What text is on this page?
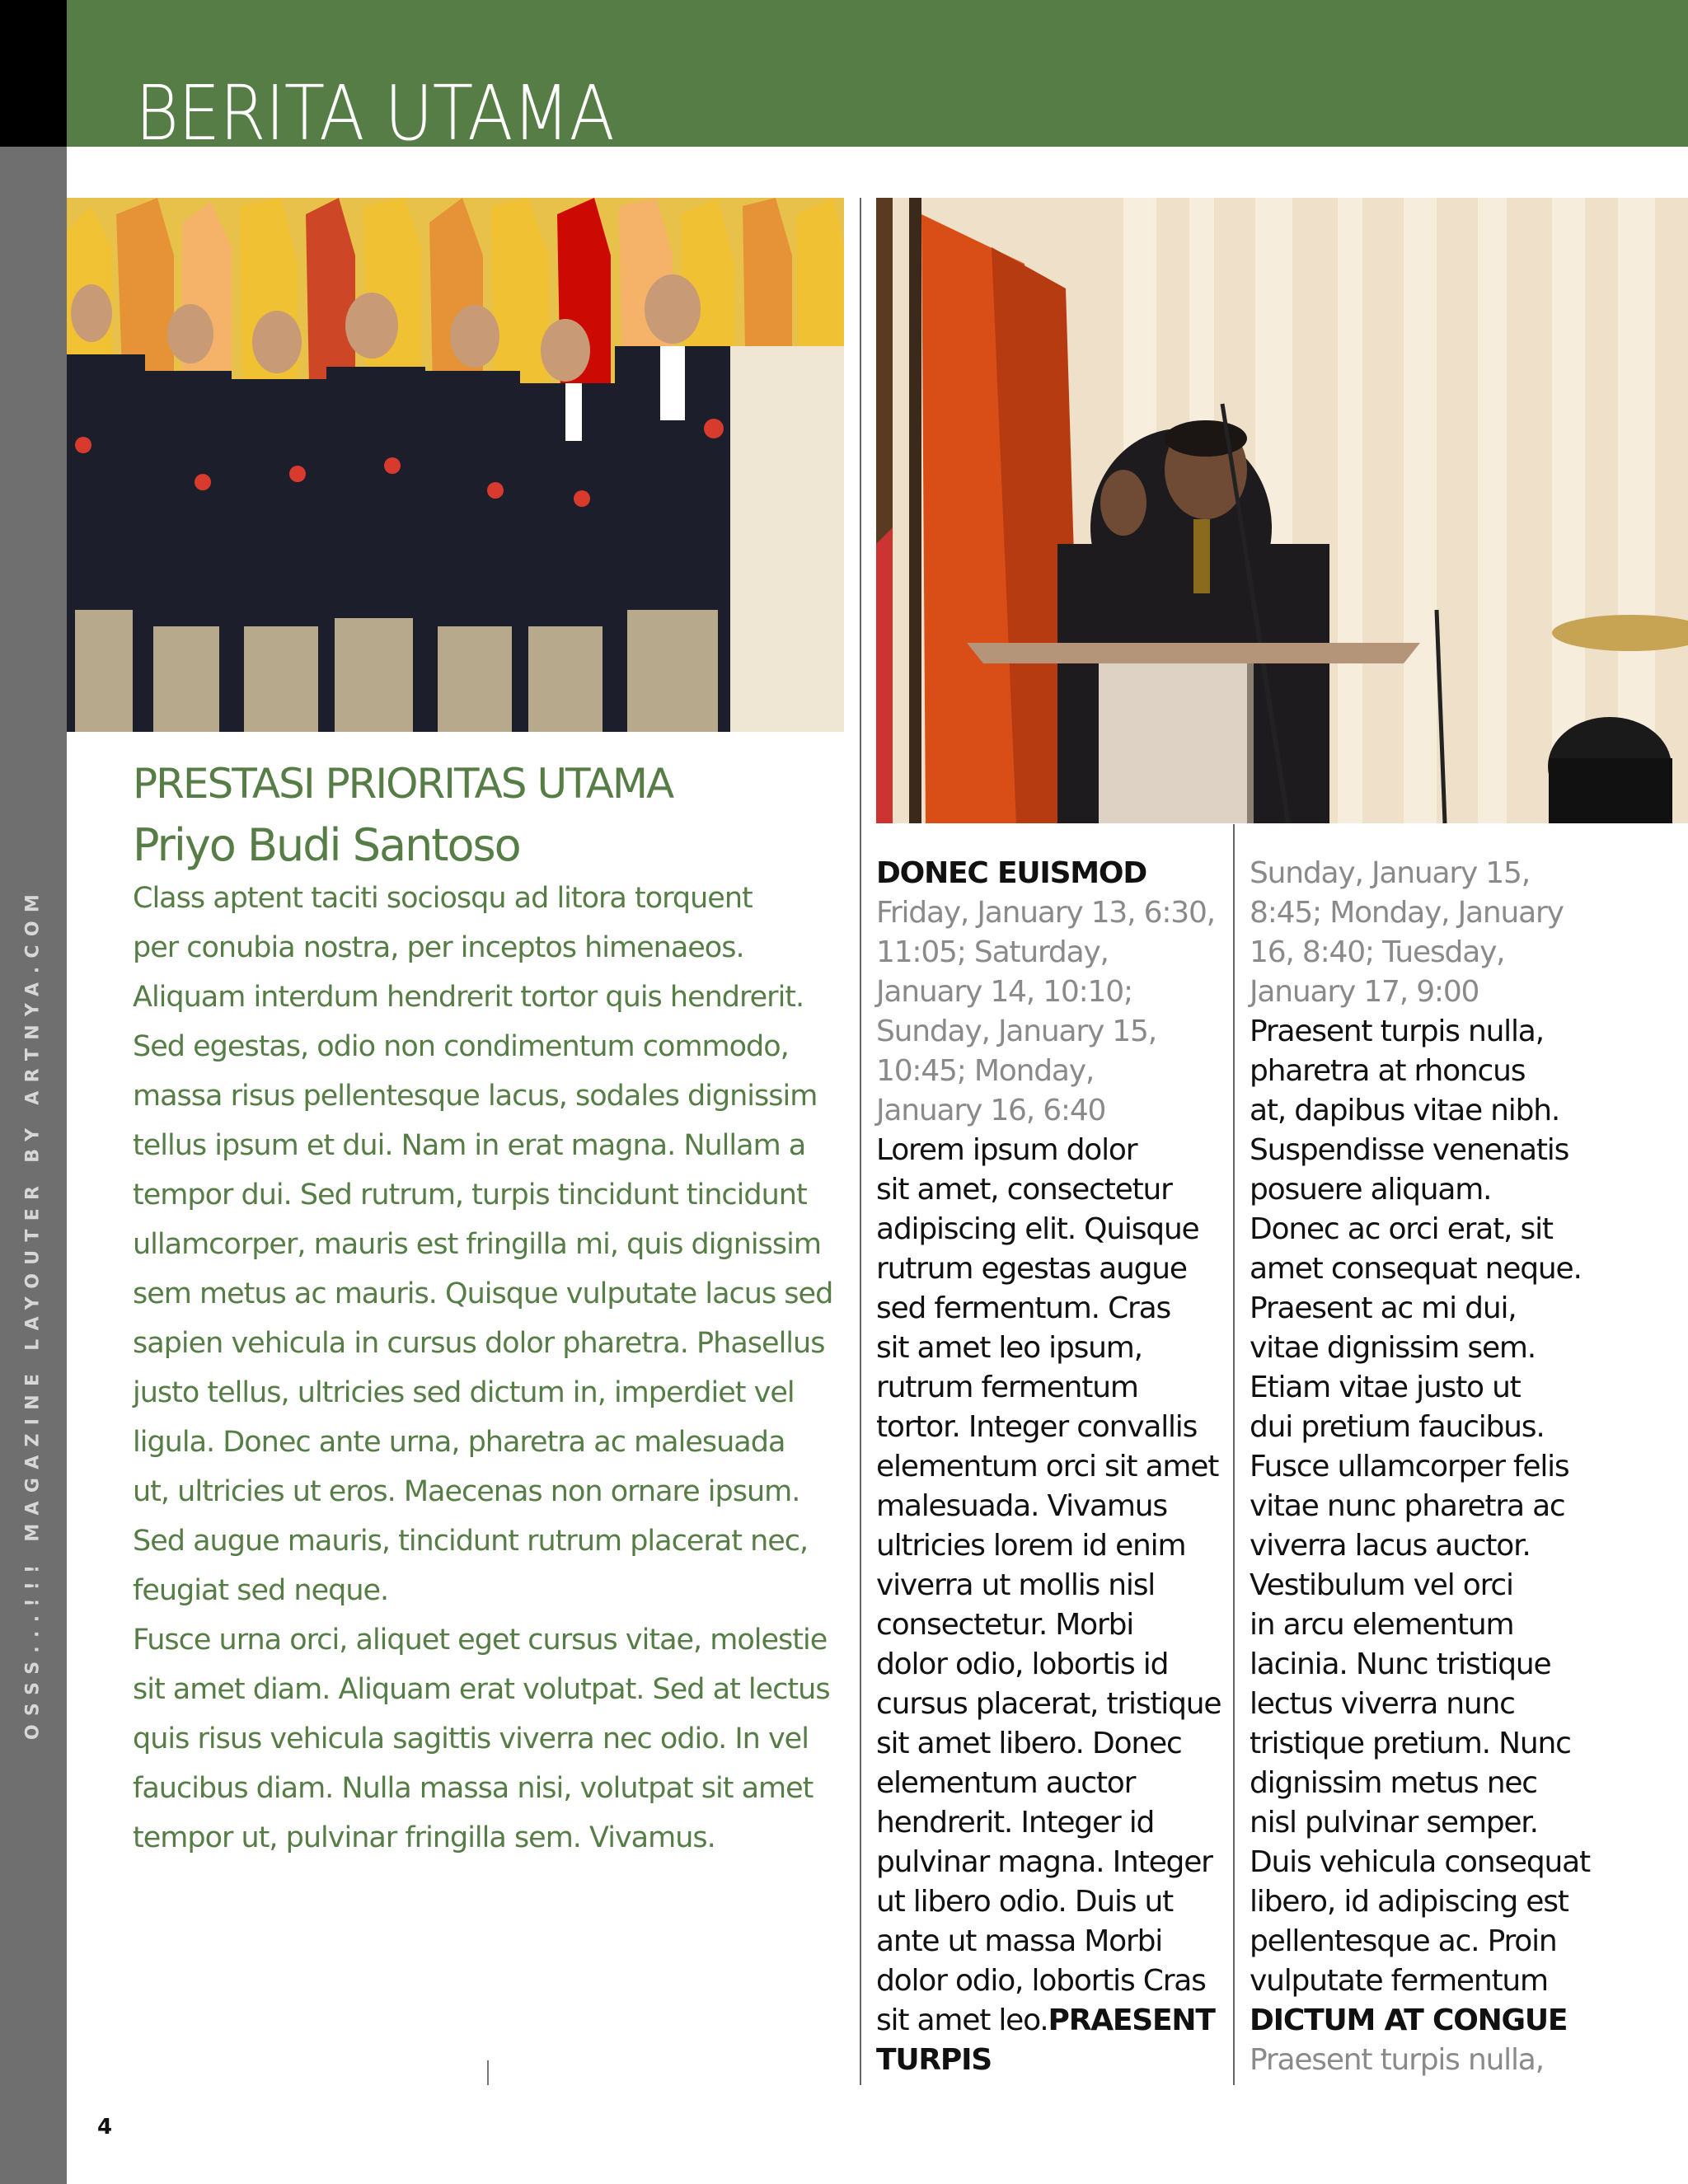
OSSS...!!! MAGAZINE LAYOUTER BY ARTNYA.COM
BERITA UTAMA
PRESTASI PRIORITAS UTAMA
Priyo Budi Santoso

Class aptent taciti sociosqu ad litora torquent
per conubia nostra, per inceptos himenaeos.
Aliquam interdum hendrerit tortor quis hendrerit.
Sed egestas, odio non condimentum commodo,
massa risus pellentesque lacus, sodales dignissim
tellus ipsum et dui. Nam in erat magna. Nullam a
tempor dui. Sed rutrum, turpis tincidunt tincidunt
ullamcorper, mauris est fringilla mi, quis dignissim
sem metus ac mauris. Quisque vulputate lacus sed
sapien vehicula in cursus dolor pharetra. Phasellus
justo tellus, ultricies sed dictum in, imperdiet vel
ligula. Donec ante urna, pharetra ac malesuada
ut, ultricies ut eros. Maecenas non ornare ipsum.
Sed augue mauris, tincidunt rutrum placerat nec,
feugiat sed neque.

Fusce urna orci, aliquet eget cursus vitae, molestie
sit amet diam. Aliquam erat volutpat. Sed at lectus
quis risus vehicula sagittis viverra nec odio. In vel
faucibus diam. Nulla massa nisi, volutpat sit amet
tempor ut, pulvinar fringilla sem. Vivamus.

DONEC EUISMOD
Friday, January 13, 6:30,
11:05; Saturday,
January 14, 10:10;
Sunday, January 15,
10:45; Monday,
January 16, 6:40
Lorem ipsum dolor
sit amet, consectetur
adipiscing elit. Quisque
rutrum egestas augue
sed fermentum. Cras
sit amet leo ipsum,
rutrum fermentum
tortor. Integer convallis
elementum orci sit amet
malesuada. Vivamus
ultricies lorem id enim
viverra ut mollis nisl
consectetur. Morbi
dolor odio, lobortis id
cursus placerat, tristique
sit amet libero. Donec
elementum auctor
hendrerit. Integer id
pulvinar magna. Integer
ut libero odio. Duis ut
ante ut massa Morbi
dolor odio, lobortis Cras
sit amet leo.PRAESENT
TURPIS
Sunday, January 15,
8:45; Monday, January
16, 8:40; Tuesday,
January 17, 9:00
Praesent turpis nulla,
pharetra at rhoncus
at, dapibus vitae nibh.
Suspendisse venenatis
posuere aliquam.
Donec ac orci erat, sit
amet consequat neque.
Praesent ac mi dui,
vitae dignissim sem.
Etiam vitae justo ut
dui pretium faucibus.
Fusce ullamcorper felis
vitae nunc pharetra ac
viverra lacus auctor.
Vestibulum vel orci
in arcu elementum
lacinia. Nunc tristique
lectus viverra nunc
tristique pretium. Nunc
dignissim metus nec
nisl pulvinar semper.
Duis vehicula consequat
libero, id adipiscing est
pellentesque ac. Proin
vulputate fermentum
DICTUM AT CONGUE
Praesent turpis nulla,
4
